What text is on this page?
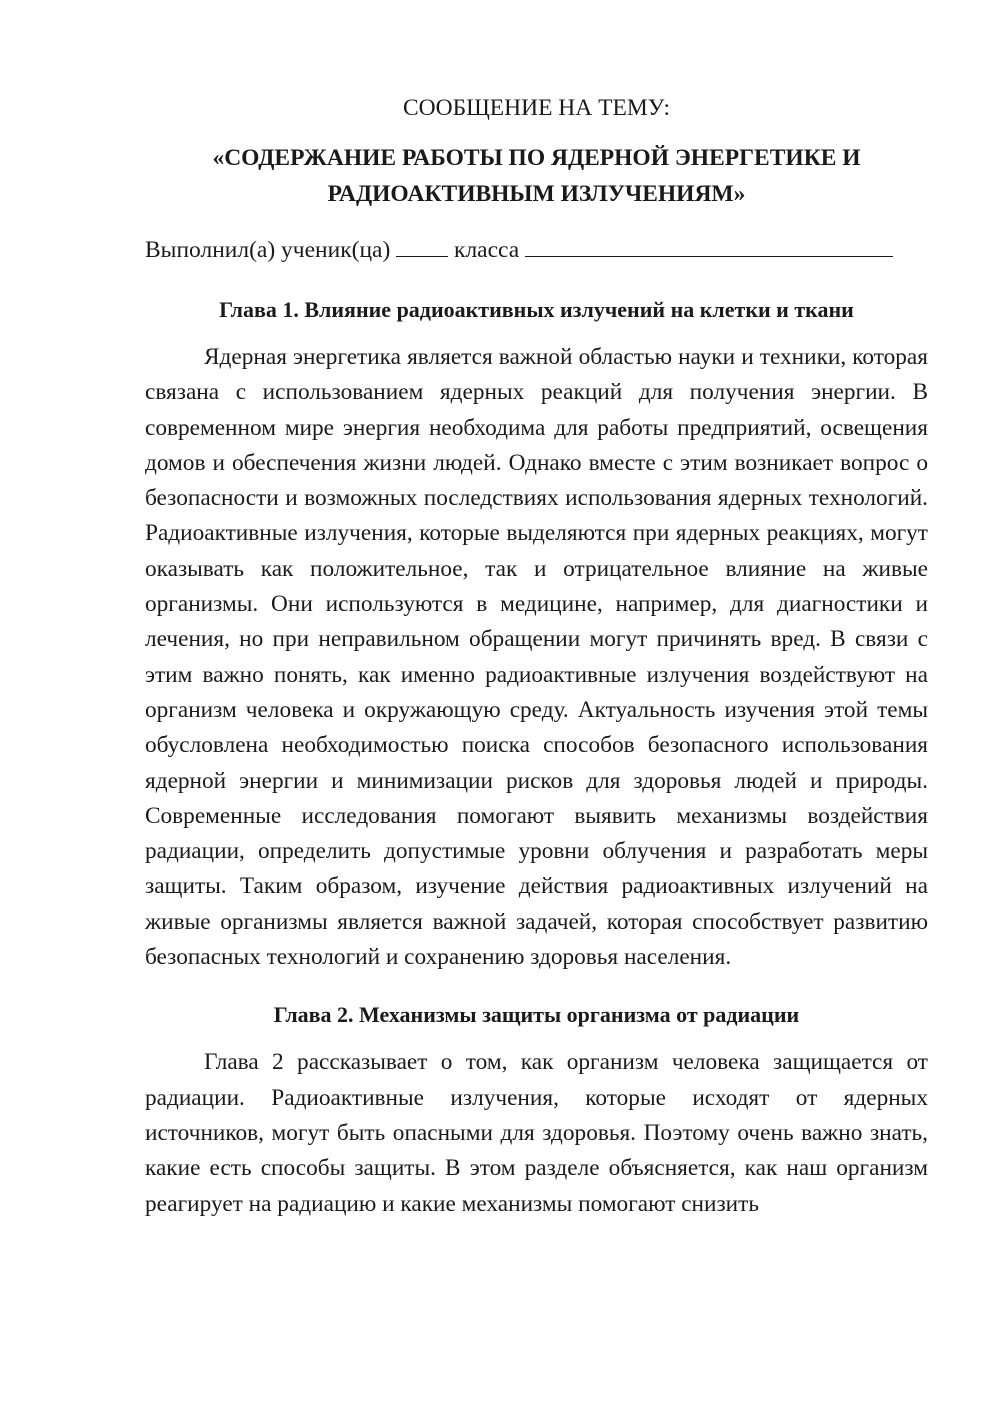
СООБЩЕНИЕ НА ТЕМУ:

«СОДЕРЖАНИЕ РАБОТЫ ПО ЯДЕРНОЙ ЭНЕРГЕТИКЕ И РАДИОАКТИВНЫМ ИЗЛУЧЕНИЯМ»

Выполнил(а) ученик(ца)	класса

Глава 1. Влияние радиоактивных излучений на клетки и ткани

Ядерная энергетика является важной областью науки и техники, которая связана с использованием ядерных реакций для получения энергии. В современном мире энергия необходима для работы предприятий, освещения домов и обеспечения жизни людей. Однако вместе с этим возникает вопрос о безопасности и возможных последствиях использования ядерных технологий. Радиоактивные излучения, которые выделяются при ядерных реакциях, могут оказывать как положительное, так и отрицательное влияние на живые организмы. Они используются в медицине, например, для диагностики и лечения, но при неправильном обращении могут причинять вред. В связи с этим важно понять, как именно радиоактивные излучения воздействуют на организм человека и окружающую среду. Актуальность изучения этой темы обусловлена необходимостью поиска способов безопасного использования ядерной энергии и минимизации рисков для здоровья людей и природы. Современные исследования помогают выявить механизмы воздействия радиации, определить допустимые уровни облучения и разработать меры защиты. Таким образом, изучение действия радиоактивных излучений на живые организмы является важной задачей, которая способствует развитию безопасных технологий и сохранению здоровья населения.

Глава 2. Механизмы защиты организма от радиации

Глава 2 рассказывает о том, как организм человека защищается от радиации. Радиоактивные излучения, которые исходят от ядерных источников, могут быть опасными для здоровья. Поэтому очень важно знать, какие есть способы защиты. В этом разделе объясняется, как наш организм реагирует на радиацию и какие механизмы помогают снизить
